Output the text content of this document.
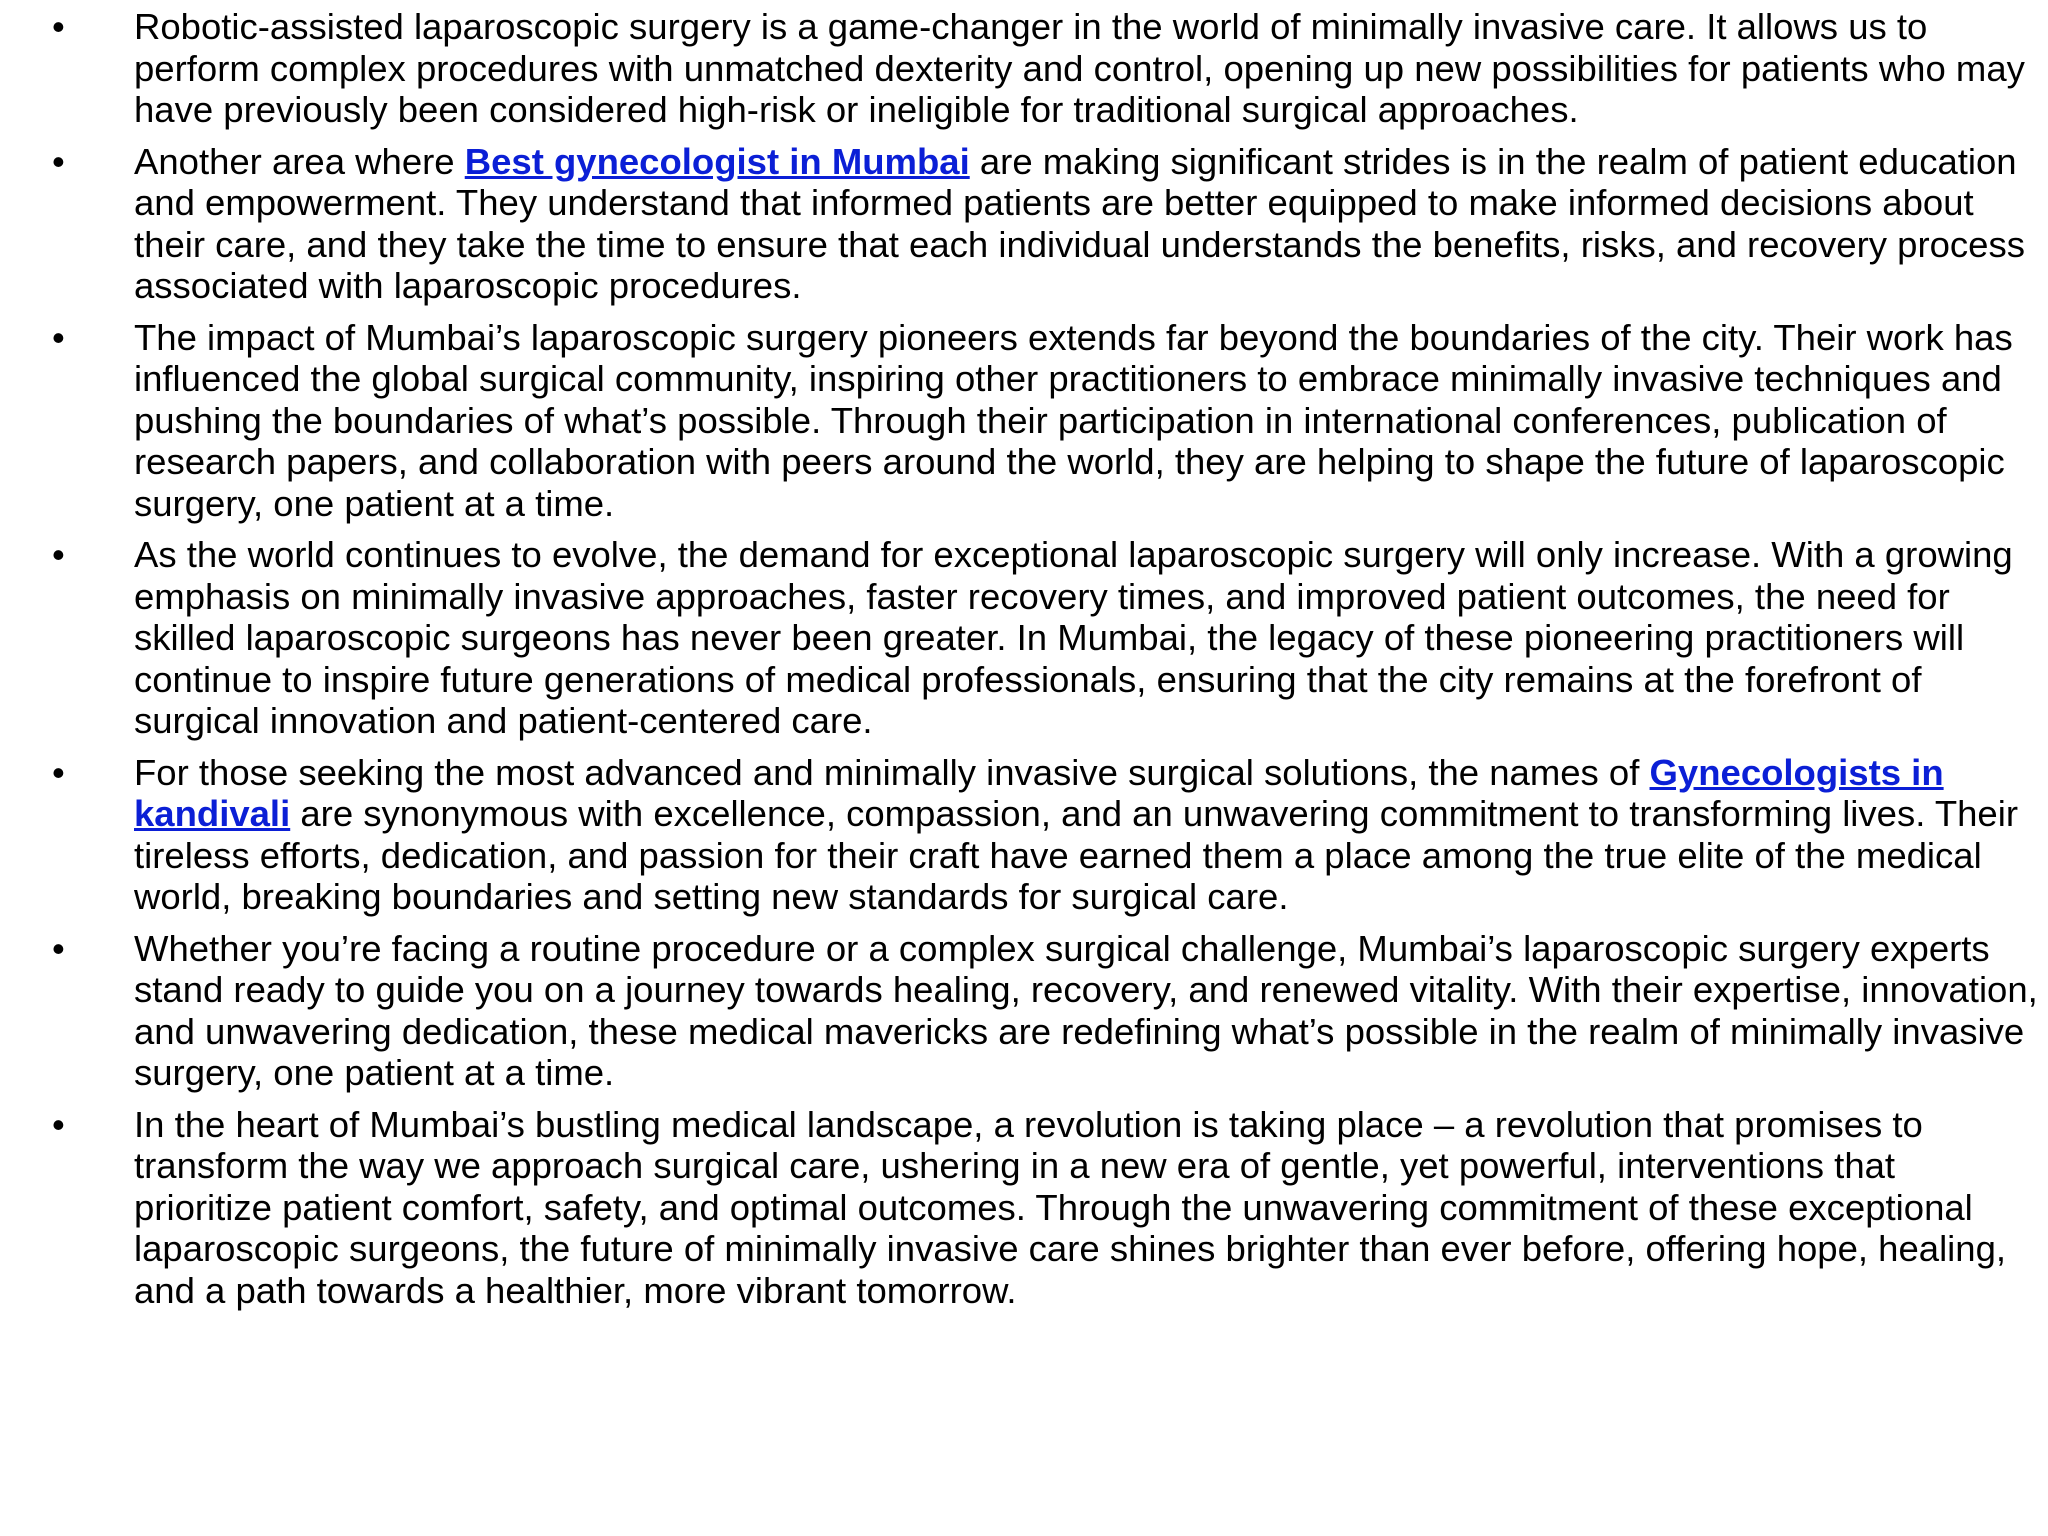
•	Robotic-assisted laparoscopic surgery is a game-changer in the world of minimally invasive care. It allows us to perform complex procedures with unmatched dexterity and control, opening up new possibilities for patients who may have previously been considered high-risk or ineligible for traditional surgical approaches.
•	Another area where Best gynecologist in Mumbai are making significant strides is in the realm of patient education and empowerment. They understand that informed patients are better equipped to make informed decisions about their care, and they take the time to ensure that each individual understands the benefits, risks, and recovery process associated with laparoscopic procedures.
•	The impact of Mumbai’s laparoscopic surgery pioneers extends far beyond the boundaries of the city. Their work has influenced the global surgical community, inspiring other practitioners to embrace minimally invasive techniques and pushing the boundaries of what’s possible. Through their participation in international conferences, publication of research papers, and collaboration with peers around the world, they are helping to shape the future of laparoscopic surgery, one patient at a time.
•	As the world continues to evolve, the demand for exceptional laparoscopic surgery will only increase. With a growing emphasis on minimally invasive approaches, faster recovery times, and improved patient outcomes, the need for skilled laparoscopic surgeons has never been greater. In Mumbai, the legacy of these pioneering practitioners will continue to inspire future generations of medical professionals, ensuring that the city remains at the forefront of surgical innovation and patient-centered care.
•	For those seeking the most advanced and minimally invasive surgical solutions, the names of Gynecologists in kandivali are synonymous with excellence, compassion, and an unwavering commitment to transforming lives. Their tireless efforts, dedication, and passion for their craft have earned them a place among the true elite of the medical world, breaking boundaries and setting new standards for surgical care.
•	Whether you’re facing a routine procedure or a complex surgical challenge, Mumbai’s laparoscopic surgery experts stand ready to guide you on a journey towards healing, recovery, and renewed vitality. With their expertise, innovation, and unwavering dedication, these medical mavericks are redefining what’s possible in the realm of minimally invasive surgery, one patient at a time.
•	In the heart of Mumbai’s bustling medical landscape, a revolution is taking place – a revolution that promises to transform the way we approach surgical care, ushering in a new era of gentle, yet powerful, interventions that prioritize patient comfort, safety, and optimal outcomes. Through the unwavering commitment of these exceptional laparoscopic surgeons, the future of minimally invasive care shines brighter than ever before, offering hope, healing, and a path towards a healthier, more vibrant tomorrow.
